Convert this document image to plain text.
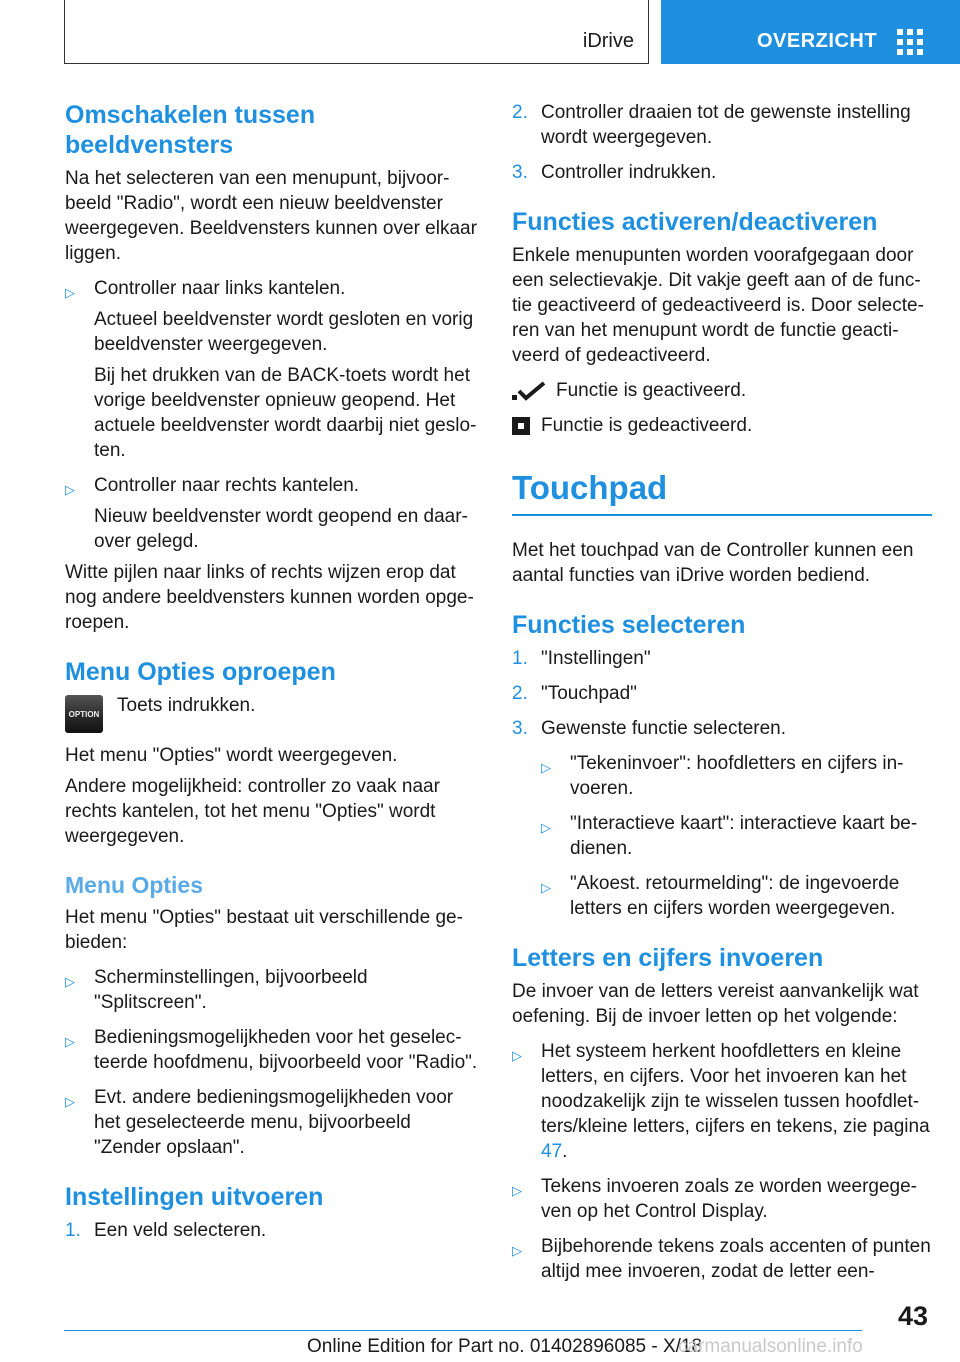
iDrive	OVERZICHT
Omschakelen tussen beeldvensters

Na het selecteren van een menupunt, bijvoorbeeld "Radio", wordt een nieuw beeldvenster weergegeven. Beeldvensters kunnen over elkaar liggen.

▷ Controller naar links kantelen.
Actueel beeldvenster wordt gesloten en vorig beeldvenster weergegeven.
Bij het drukken van de BACK-toets wordt het vorige beeldvenster opnieuw geopend. Het actuele beeldvenster wordt daarbij niet gesloten.
▷ Controller naar rechts kantelen.
Nieuw beeldvenster wordt geopend en daarover gelegd.

Witte pijlen naar links of rechts wijzen erop dat nog andere beeldvensters kunnen worden opgeroepen.

Menu Opties oproepen
OPTION Toets indrukken.

Het menu "Opties" wordt weergegeven.

Andere mogelijkheid: controller zo vaak naar rechts kantelen, tot het menu "Opties" wordt weergegeven.

Menu Opties

Het menu "Opties" bestaat uit verschillende gebieden:

▷ Scherminstellingen, bijvoorbeeld "Splitscreen".
▷ Bedieningsmogelijkheden voor het geselecteerde hoofdmenu, bijvoorbeeld voor "Radio".
▷ Evt. andere bedieningsmogelijkheden voor het geselecteerde menu, bijvoorbeeld "Zender opslaan".
Instellingen uitvoeren
1. Een veld selecteren.
2. Controller draaien tot de gewenste instelling wordt weergegeven.
3. Controller indrukken.
Functies activeren/deactiveren

Enkele menupunten worden voorafgegaan door een selectievakje. Dit vakje geeft aan of de functie geactiveerd of gedeactiveerd is. Door selecteren van het menupunt wordt de functie geactiveerd of gedeactiveerd.

Functie is geactiveerd.
Functie is gedeactiveerd.
Touchpad

Met het touchpad van de Controller kunnen een aantal functies van iDrive worden bediend.

Functies selecteren
1. "Instellingen"
2. "Touchpad"
3. Gewenste functie selecteren.
▷ "Tekeninvoer": hoofdletters en cijfers invoeren.
▷ "Interactieve kaart": interactieve kaart bedienen.
▷ "Akoest. retourmelding": de ingevoerde letters en cijfers worden weergegeven.
Letters en cijfers invoeren

De invoer van de letters vereist aanvankelijk wat oefening. Bij de invoer letten op het volgende:

▷ Het systeem herkent hoofdletters en kleine letters, en cijfers. Voor het invoeren kan het noodzakelijk zijn te wisselen tussen hoofdletters/kleine letters, cijfers en tekens, zie pagina 47.
▷ Tekens invoeren zoals ze worden weergegeven op het Control Display.
▷ Bijbehorende tekens zoals accenten of punten altijd mee invoeren, zodat de letter een-
43
Online Edition for Part no. 01402896085 - X/18
carmanualsonline.info
